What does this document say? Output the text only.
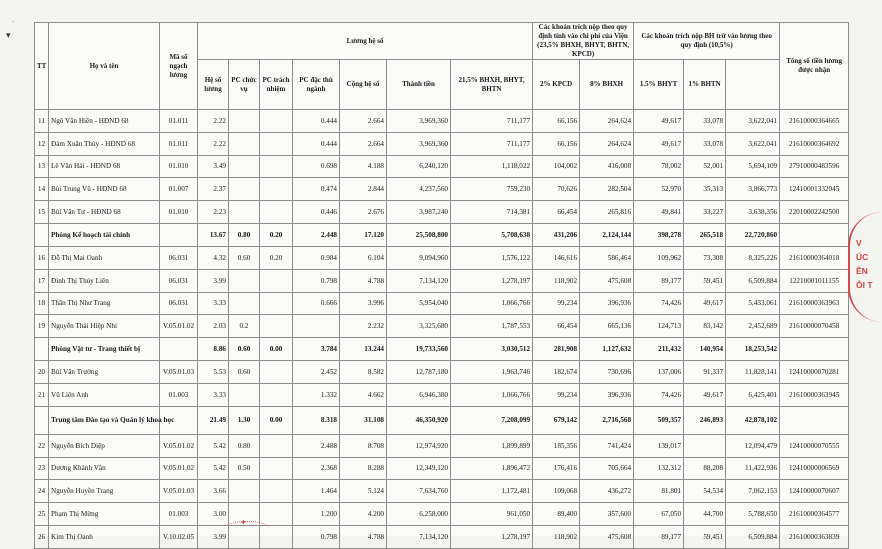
▾
·
TT	Họ và tên	Mã số ngạch lương	Lương hệ số							Các khoản trích nộp theo quy định tính vào chi phí của Viện (23,5% BHXH, BHYT, BHTN, KPCD)		Các khoản trích nộp BH trừ vào lương theo quy định (10,5%)			Tổng số tiền lương được nhận	
			Hệ số lương	PC chức vụ	PC trách nhiệm	PC đặc thù ngành	Cộng hệ số	Thành tiền	21,5% BHXH, BHYT, BHTN	2% KPCD	8% BHXH	1.5% BHYT	1% BHTN			
11	Ngô Văn Hiền - HĐND 68	01.011	2.22			0.444	2.664	3,969,360	711,177	66,156	264,624	49,617	33,078	3,622,041	21610000364665	
12	Đàm Xuân Thùy - HĐND 68	01.011	2.22			0.444	2.664	3,969,360	711,177	66,156	264,624	49,617	33,078	3,622,041	21610000364692	
13	Lê Văn Hải - HĐND 68	01.010	3.49			0.698	4.188	6,240,120	1,118,022	104,002	416,008	78,002	52,001	5,694,109	27910000483596	
14	Bùi Trung Vũ - HĐND 68	01.007	2.37			0.474	2.844	4,237,560	759,230	70,626	282,504	52,970	35,313	3,866,773	12410001332045	
15	Bùi Văn Tư - HĐND 68	01.010	2.23			0.446	2.676	3,987,240	714,381	66,454	265,816	49,841	33,227	3,638,356	22010002242500	
	Phòng Kế hoạch tài chính		13.67	0.80	0.20	2.448	17.120	25,508,800	5,708,638	431,206	2,124,144	398,278	265,518	22,720,860		
16	Đỗ Thị Mai Oanh	06.031	4.32	0.60	0.20	0.984	6.104	9,094,960	1,576,122	146,616	586,464	109,962	73,308	8,325,226	21610000364018	
17	Đinh Thị Thủy Liên	06.031	3.99			0.798	4.788	7,134,120	1,278,197	118,902	475,608	89,177	59,451	6,509,884	12210001011155	
18	Thân Thị Như Trang	06.031	3.33			0.666	3.996	5,954,040	1,066,766	99,234	396,936	74,426	49,617	5,433,061	21610000363963	
19	Nguyễn Thái Hiệp Nhi	V.05.01.02	2.03	0.2			2.232	3,325,680	1,787,553	66,454	665,136	124,713	83,142	2,452,689	21610000070458	
	Phòng Vật tư - Trang thiết bị		8.86	0.60	0.00	3.784	13.244	19,733,560	3,030,512	281,908	1,127,632	211,432	140,954	18,253,542		
20	Bùi Văn Trường	V.05.01.03	5.53	0.60		2.452	8.582	12,787,180	1,963,746	182,674	730,696	137,006	91,337	11,828,141	12410000070281	
21	Vũ Liên Anh	01.003	3.33			1.332	4.662	6,946,380	1,066,766	99,234	396,936	74,426	49,617	6,425,401	21610000363945	
	Trung tâm Đào tạo và Quản lý khoa học		21.49	1.30	0.00	8.318	31.108	46,350,920	7,208,099	679,142	2,716,568	509,357	246,893	42,878,102		
22	Nguyễn Bích Diệp	V.05.01.02	5.42	0.80		2.488	8.708	12,974,920	1,899,899	185,356	741,424	139,017		12,094,479	12410000070555	
23	Dương Khánh Vân	V.05.01.02	5.42	0.50		2.368	8.288	12,349,120	1,896,472	176,416	705,664	132,312	88,208	11,422,936	12410000006569	
24	Nguyễn Huyền Trang	V.05.01.03	3.66			1.464	5.124	7,634,760	1,172,481	109,068	436,272	81,801	54,534	7,062,153	12410000070607	
25	Phạm Thị Mừng	01.003	3.00			1.200	4.200	6,258,000	961,050	89,400	357,600	67,050	44,700	5,788,650	21610000364577	
26	Kim Thị Oanh	V.10.02.05	3.99			0.798	4.788	7,134,120	1,278,197	118,902	475,608	89,177	59,451	6,509,884	21610000363839	
V
ÚC
ÊN
ÔI T
✦
